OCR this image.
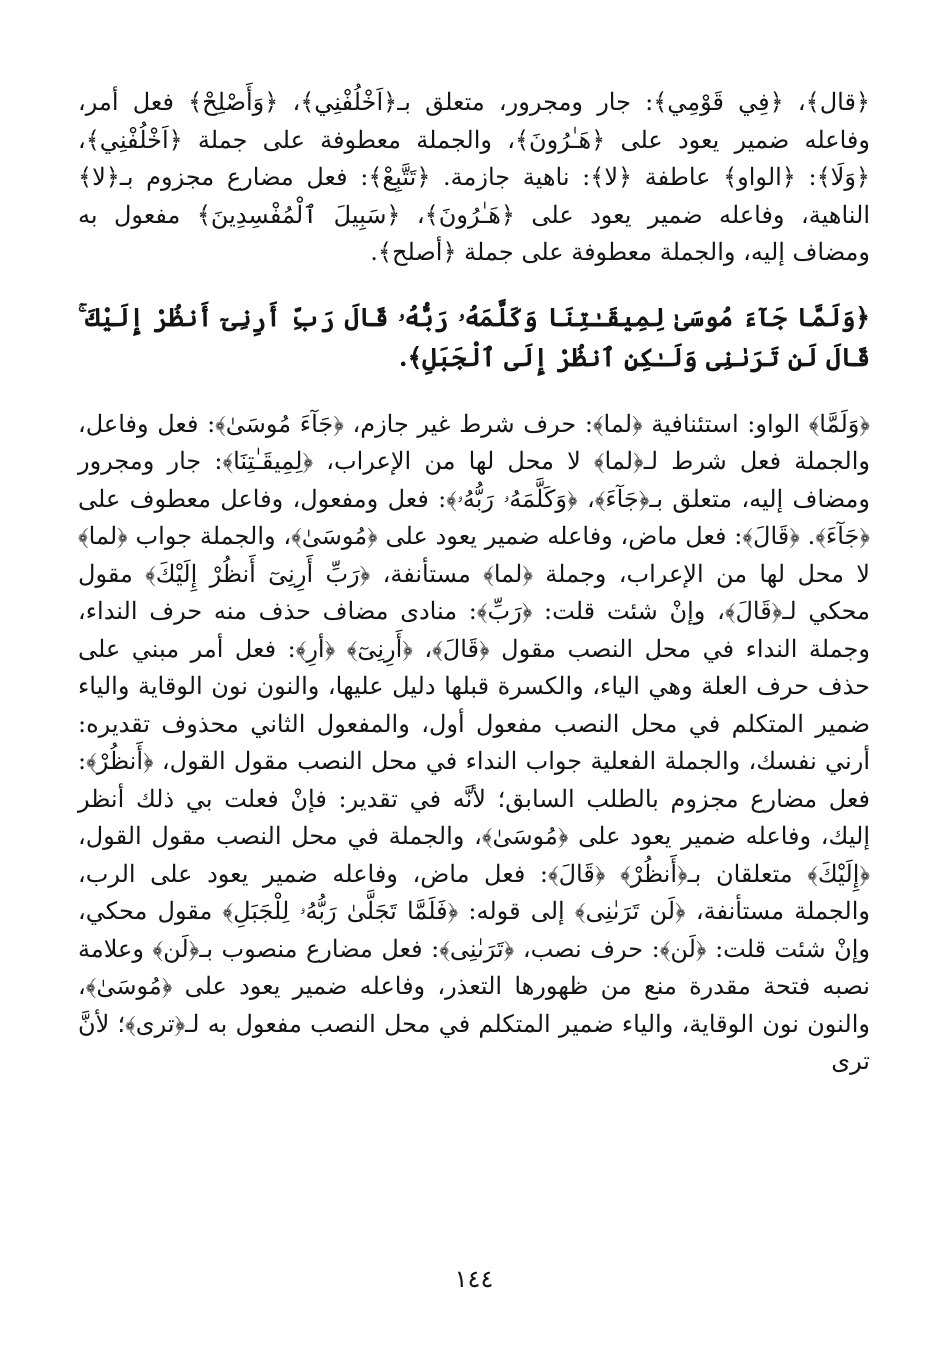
﴿قال﴾، ﴿فِي قَوْمِي﴾: جار ومجرور، متعلق بـ﴿اَخْلُفْنِي﴾، ﴿وَأَصْلِحْ﴾ فعل أمر، وفاعله ضمير يعود على ﴿هَـٰرُونَ﴾، والجملة معطوفة على جملة ﴿اَخْلُفْنِي﴾، ﴿وَلَا﴾: ﴿الواو﴾ عاطفة ﴿لا﴾: ناهية جازمة. ﴿تَتَّبِعْ﴾: فعل مضارع مجزوم بـ﴿لا﴾ الناهية، وفاعله ضمير يعود على ﴿هَـٰرُونَ﴾، ﴿سَبِيلَ ٱلْمُفْسِدِينَ﴾ مفعول به ومضاف إليه، والجملة معطوفة على جملة ﴿أصلح﴾.

﴿وَلَمَّا جَآءَ مُوسَىٰ لِمِيقَـٰتِنَا وَكَلَّمَهُۥ رَبُّهُۥ قَالَ رَبِّ أَرِنِىٓ أَنظُرْ إِلَيْكَ ۚ قَالَ لَن تَرَىٰنِى وَلَـٰكِنِ ٱنظُرْ إِلَى ٱلْجَبَلِ﴾.

﴿وَلَمَّا﴾ الواو: استئنافية ﴿لما﴾: حرف شرط غير جازم، ﴿جَآءَ مُوسَىٰ﴾: فعل وفاعل، والجملة فعل شرط لـ﴿لما﴾ لا محل لها من الإعراب، ﴿لِمِيقَـٰتِنَا﴾: جار ومجرور ومضاف إليه، متعلق بـ﴿جَآءَ﴾، ﴿وَكَلَّمَهُۥ رَبُّهُۥ﴾: فعل ومفعول، وفاعل معطوف على ﴿جَآءَ﴾. ﴿قَالَ﴾: فعل ماض، وفاعله ضمير يعود على ﴿مُوسَىٰ﴾، والجملة جواب ﴿لما﴾ لا محل لها من الإعراب، وجملة ﴿لما﴾ مستأنفة، ﴿رَبِّ أَرِنِىٓ أَنظُرْ إِلَيْكَ﴾ مقول محكي لـ﴿قَالَ﴾، وإنْ شئت قلت: ﴿رَبِّ﴾: منادى مضاف حذف منه حرف النداء، وجملة النداء في محل النصب مقول ﴿قَالَ﴾، ﴿أَرِنِىٓ﴾ ﴿أرِ﴾: فعل أمر مبني على حذف حرف العلة وهي الياء، والكسرة قبلها دليل عليها، والنون نون الوقاية والياء ضمير المتكلم في محل النصب مفعول أول، والمفعول الثاني محذوف تقديره: أرني نفسك، والجملة الفعلية جواب النداء في محل النصب مقول القول، ﴿أَنظُرْ﴾: فعل مضارع مجزوم بالطلب السابق؛ لأنَّه في تقدير: فإنْ فعلت بي ذلك أنظر إليك، وفاعله ضمير يعود على ﴿مُوسَىٰ﴾، والجملة في محل النصب مقول القول، ﴿إِلَيْكَ﴾ متعلقان بـ﴿أَنظُرْ﴾ ﴿قَالَ﴾: فعل ماض، وفاعله ضمير يعود على الرب، والجملة مستأنفة، ﴿لَن تَرَىٰنِى﴾ إلى قوله: ﴿فَلَمَّا تَجَلَّىٰ رَبُّهُۥ لِلْجَبَلِ﴾ مقول محكي، وإنْ شئت قلت: ﴿لَن﴾: حرف نصب، ﴿تَرَىٰنِى﴾: فعل مضارع منصوب بـ﴿لَن﴾ وعلامة نصبه فتحة مقدرة منع من ظهورها التعذر، وفاعله ضمير يعود على ﴿مُوسَىٰ﴾، والنون نون الوقاية، والياء ضمير المتكلم في محل النصب مفعول به لـ﴿ترى﴾؛ لأنَّ ترى

١٤٤
